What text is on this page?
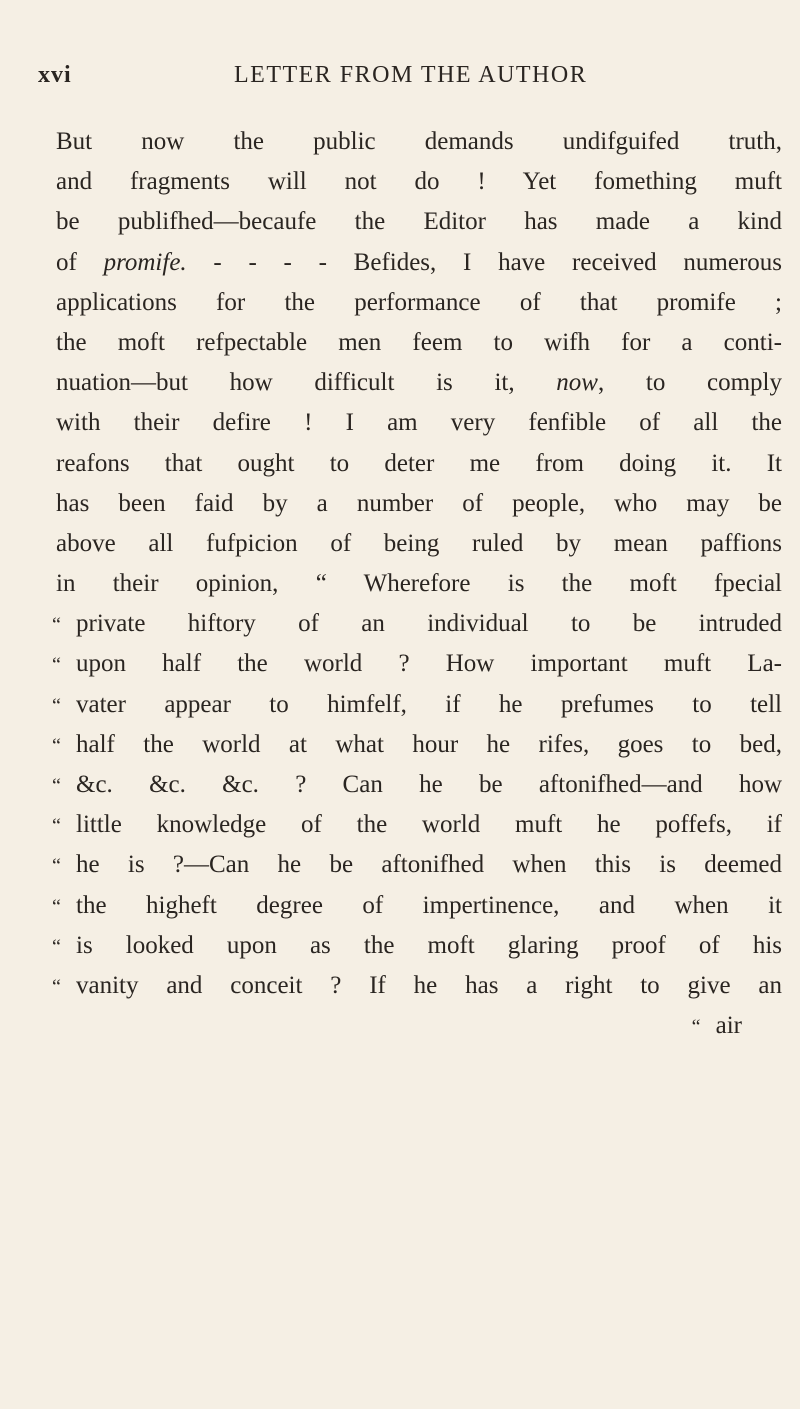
xvi	LETTER FROM THE AUTHOR
But now the public demands undifguifed truth,
and fragments will not do ! Yet fomething muft
be publifhed—becaufe the Editor has made a kind
of promife. - - - - Befides, I have received numerous
applications for the performance of that promife ;
the moft refpectable men feem to wifh for a conti-
nuation—but how difficult is it, now, to comply
with their defire ! I am very fenfible of all the
reafons that ought to deter me from doing it. It
has been faid by a number of people, who may be
above all fufpicion of being ruled by mean paffions
in their opinion, “ Wherefore is the moft fpecial
“ private hiftory of an individual to be intruded
“ upon half the world ? How important muft La-
“ vater appear to himfelf, if he prefumes to tell
“ half the world at what hour he rifes, goes to bed,
“ &c. &c. &c. ? Can he be aftonifhed—and how
“ little knowledge of the world muft he poffefs, if
“ he is ?—Can he be aftonifhed when this is deemed
“ the higheft degree of impertinence, and when it
“ is looked upon as the moft glaring proof of his
“ vanity and conceit ? If he has a right to give an
“ air
